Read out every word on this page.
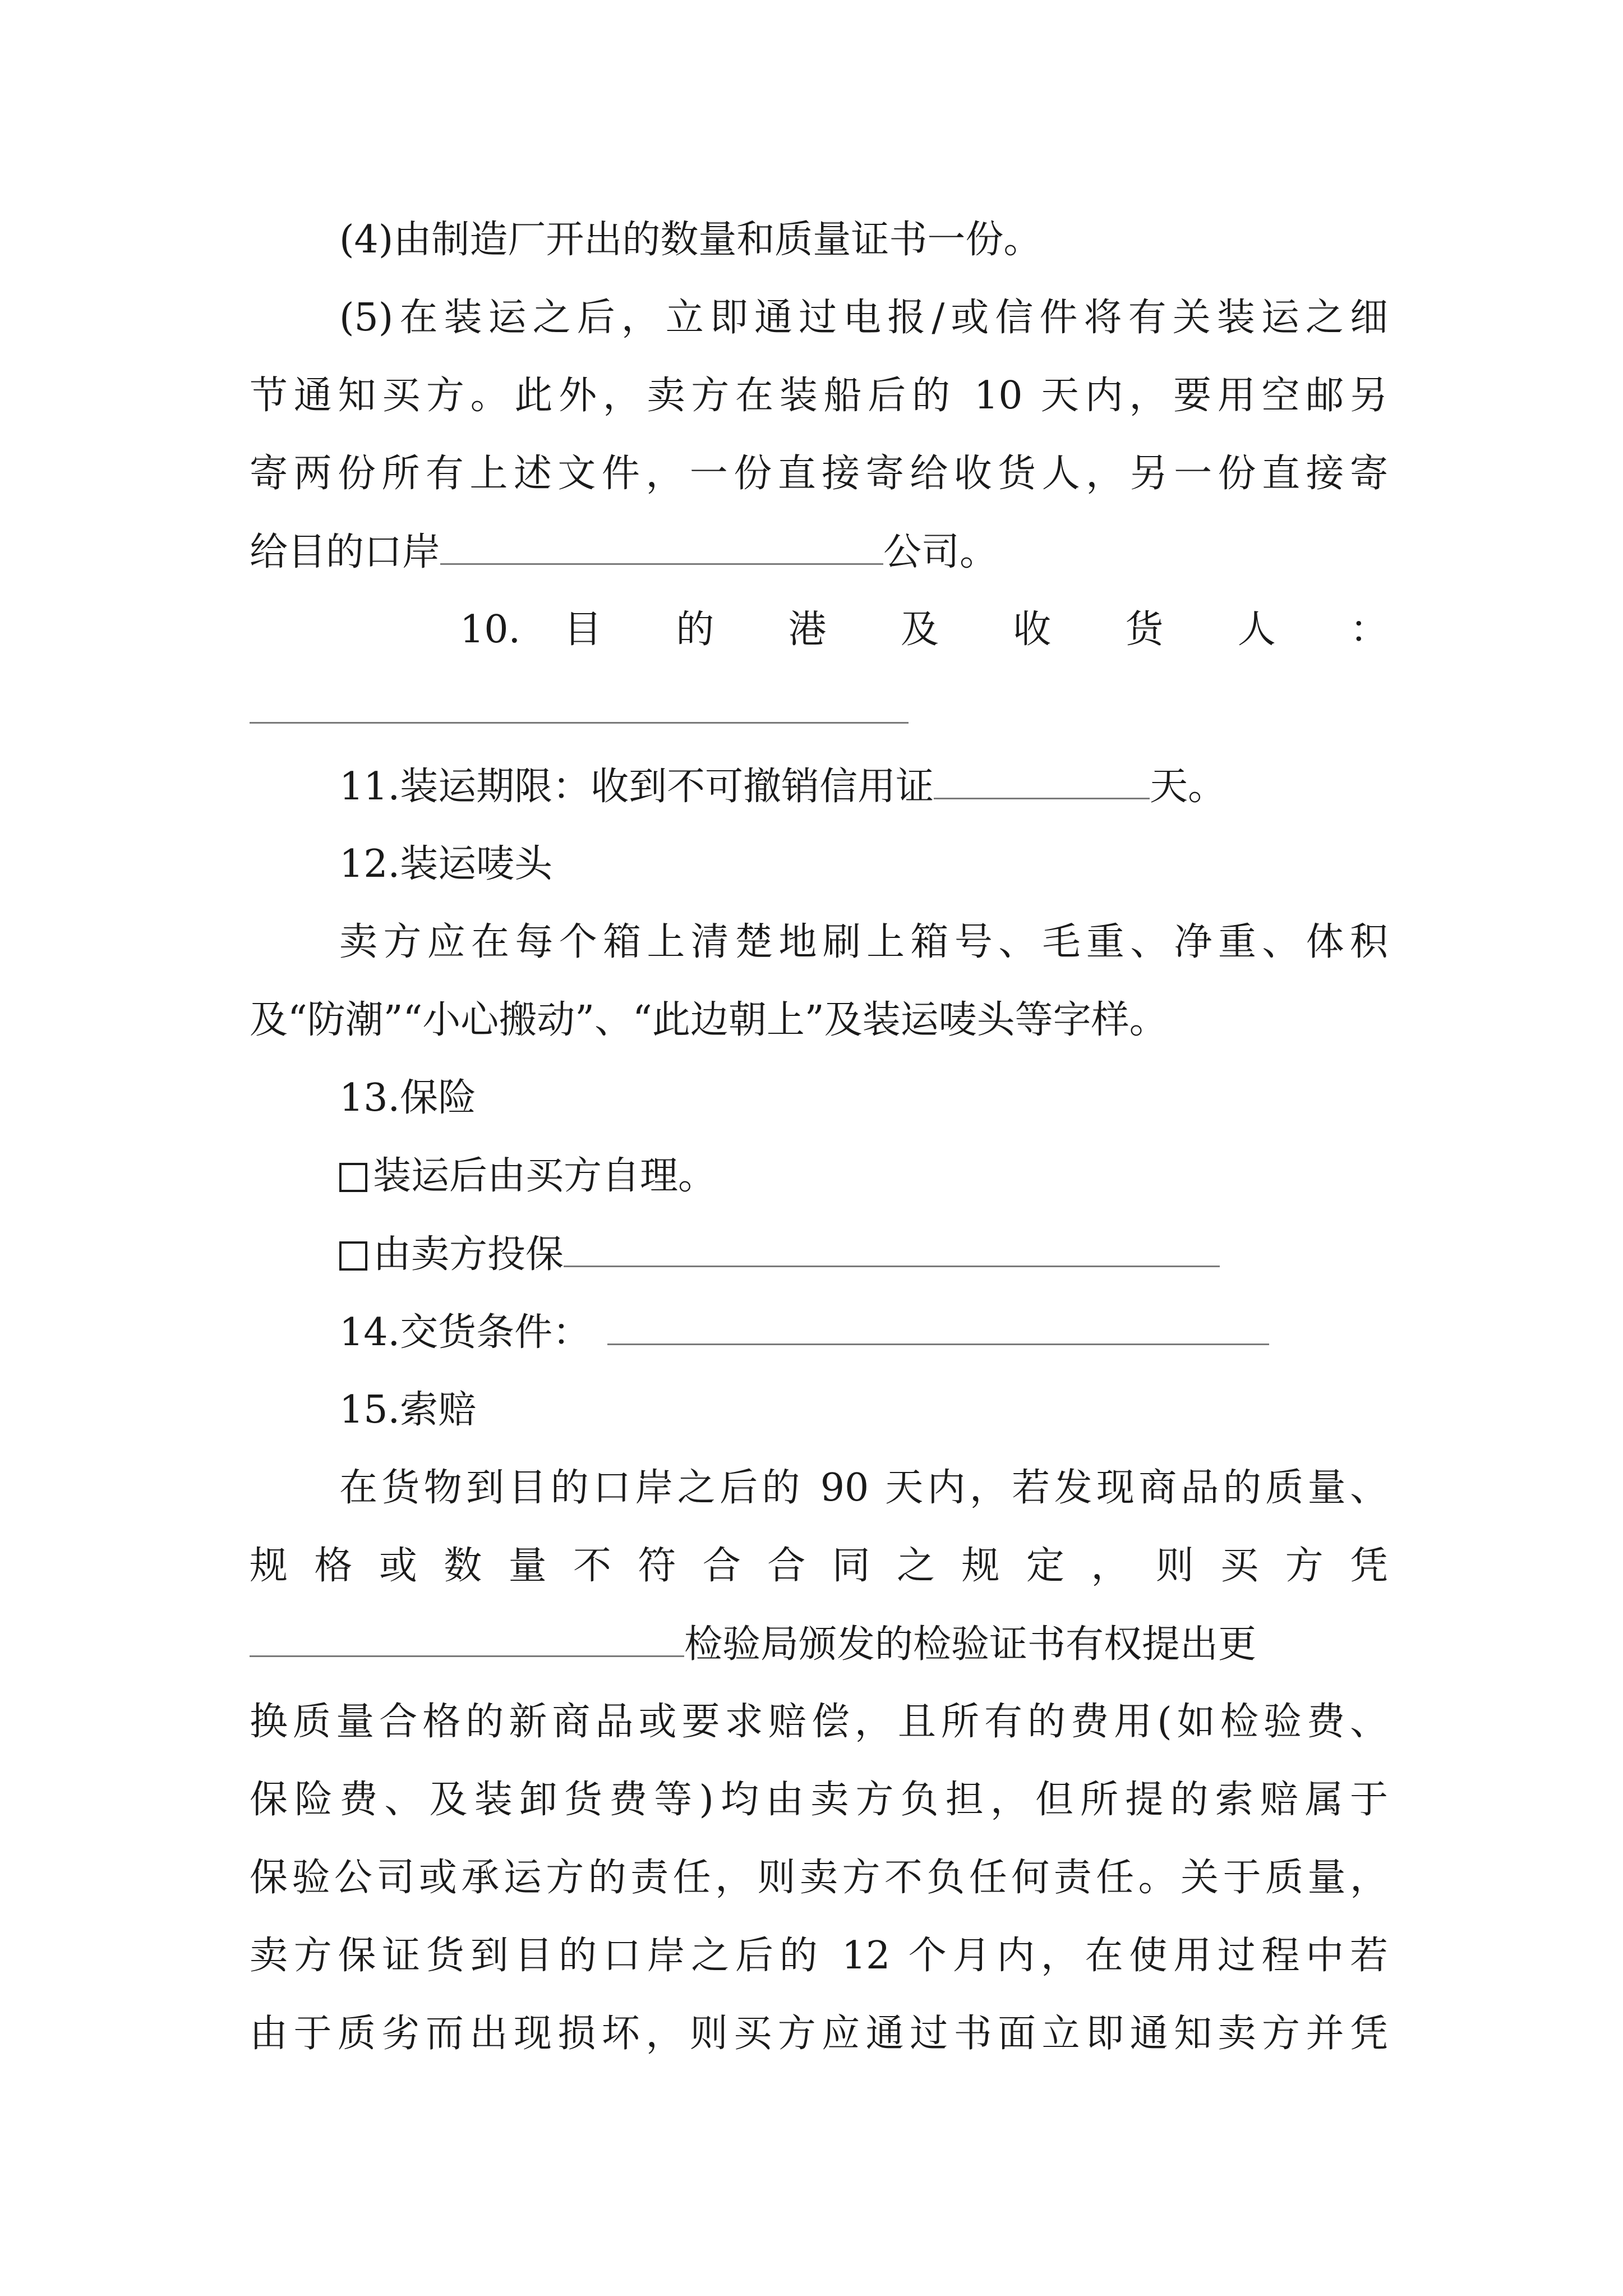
(4)由制造厂开出的数量和质量证书一份。
(5)在装运之后，立即通过电报/或信件将有关装运之细
节通知买方。此外，卖方在装船后的 10 天内，要用空邮另
寄两份所有上述文件，一份直接寄给收货人，另一份直接寄
给目的口岸	公司。
10. 目 的 港 及 收 货 人 ：
11.装运期限：收到不可撤销信用证	天。
12.装运唛头
卖方应在每个箱上清楚地刷上箱号、毛重、净重、体积
及“防潮”“小心搬动”、“此边朝上”及装运唛头等字样。
13.保险
装运后由买方自理。
由卖方投保
14.交货条件：
15.索赔
在货物到目的口岸之后的 90 天内，若发现商品的质量、
规 格 或 数 量 不 符 合 合 同 之 规 定 ， 则 买 方 凭
检验局颁发的检验证书有权提出更
换质量合格的新商品或要求赔偿，且所有的费用(如检验费、
保险费、及装卸货费等)均由卖方负担，但所提的索赔属于
保验公司或承运方的责任，则卖方不负任何责任。关于质量，
卖方保证货到目的口岸之后的 12 个月内，在使用过程中若
由于质劣而出现损坏，则买方应通过书面立即通知卖方并凭
